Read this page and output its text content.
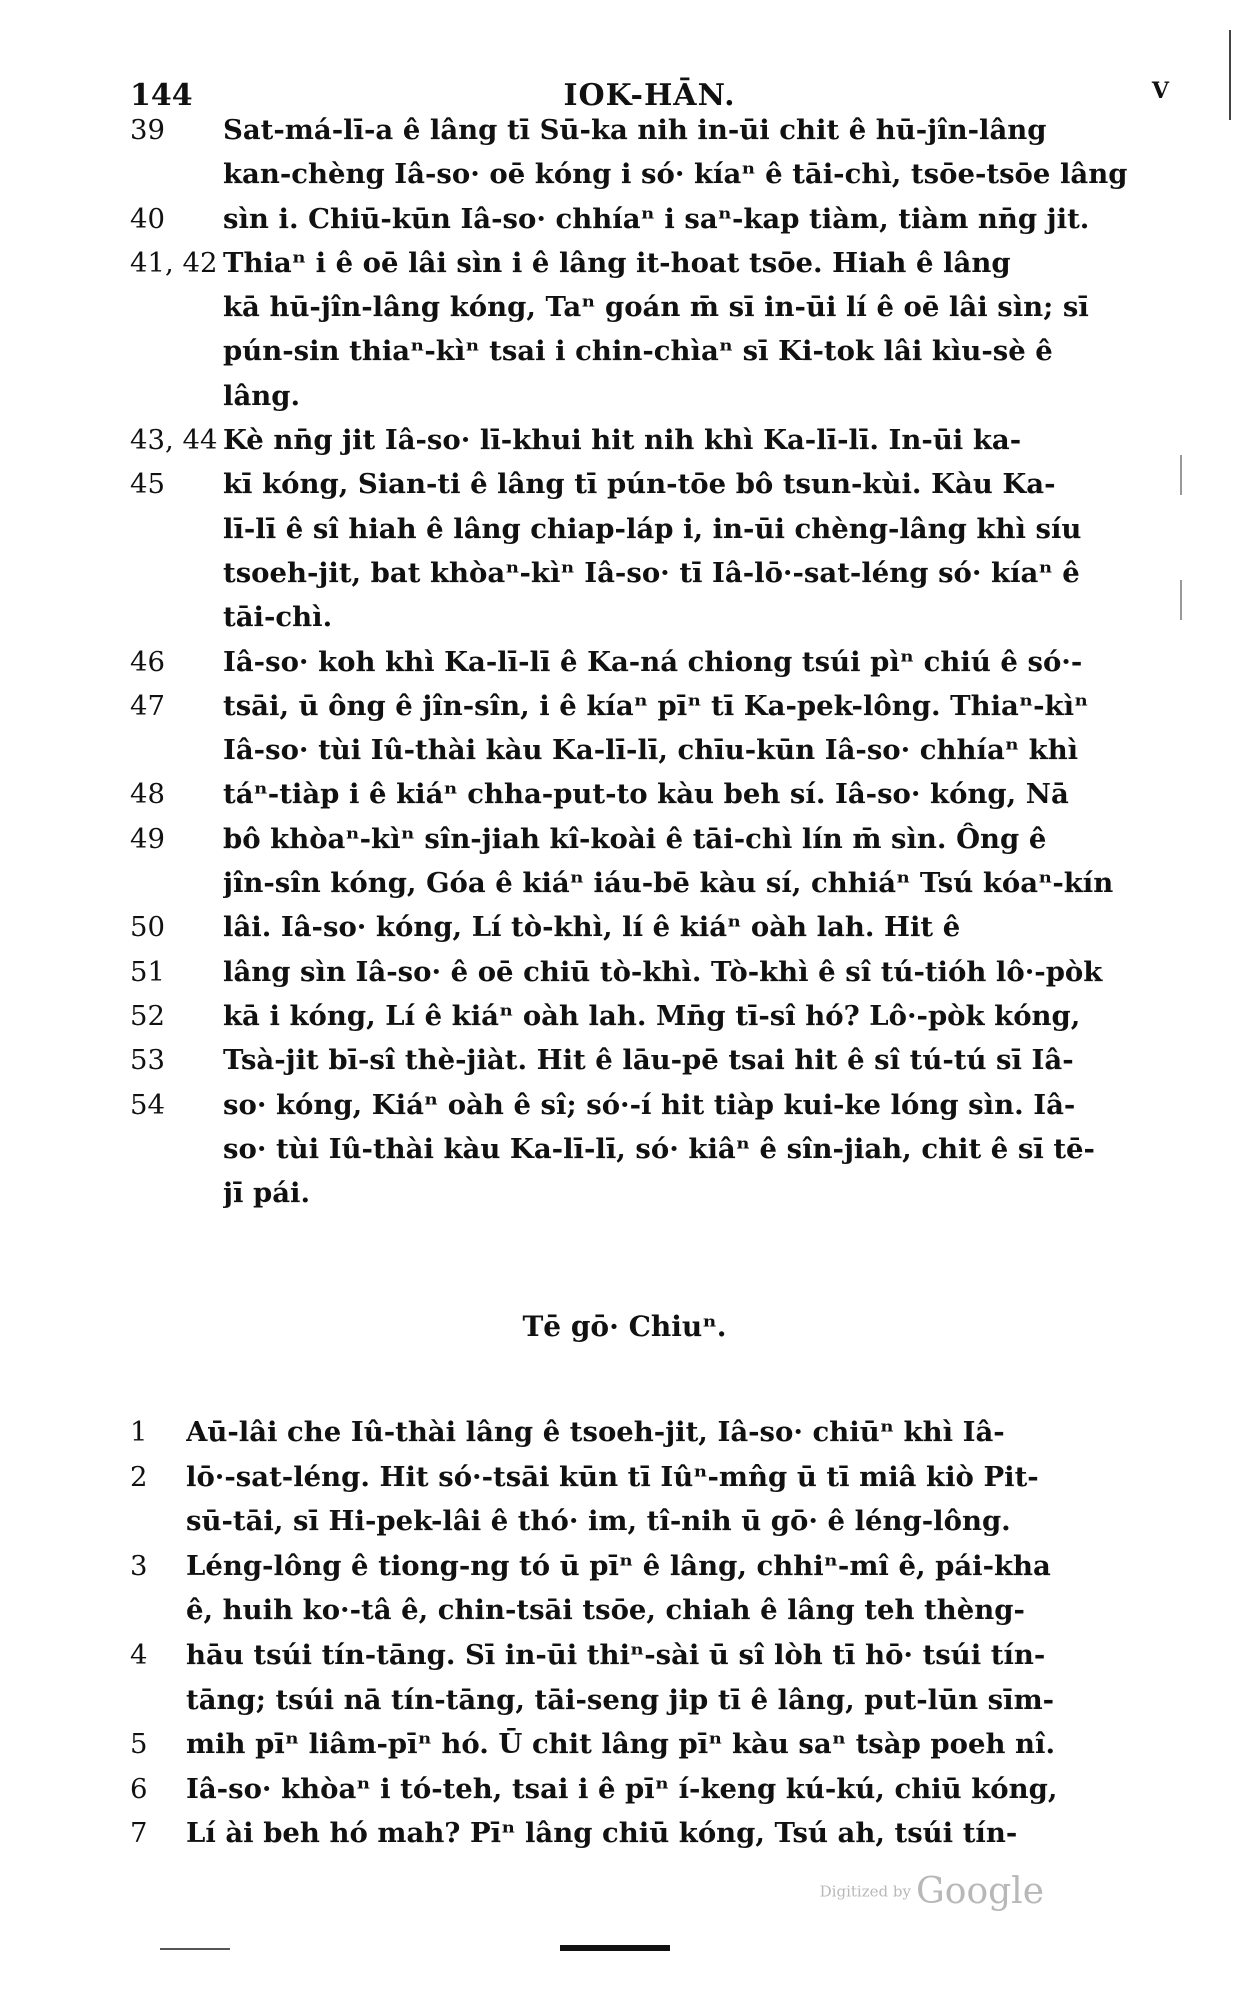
144	IOK-HĀN.	V
39	Sat-má-lī-a ê lâng tī Sū-ka nih in-ūi chit ê hū-jîn-lâng
kan-chèng Iâ-so· oē kóng i só· kíaⁿ ê tāi-chì, tsōe-tsōe lâng
40	sìn i. Chiū-kūn Iâ-so· chhíaⁿ i saⁿ-kap tiàm, tiàm nn̄g jit.
41, 42 Thiaⁿ i ê oē lâi sìn i ê lâng it-hoat tsōe. Hiah ê lâng
kā hū-jîn-lâng kóng, Taⁿ goán m̄ sī in-ūi lí ê oē lâi sìn; sī
pún-sin thiaⁿ-kìⁿ tsai i chin-chìaⁿ sī Ki-tok lâi kìu-sè ê
lâng.
43, 44 Kè nn̄g jit Iâ-so· lī-khui hit nih khì Ka-lī-lī. In-ūi ka-
45	kī kóng, Sian-ti ê lâng tī pún-tōe bô tsun-kùi. Kàu Ka-
lī-lī ê sî hiah ê lâng chiap-láp i, in-ūi chèng-lâng khì síu
tsoeh-jit, bat khòaⁿ-kìⁿ Iâ-so· tī Iâ-lō·-sat-léng só· kíaⁿ ê
tāi-chì.
46	Iâ-so· koh khì Ka-lī-lī ê Ka-ná chiong tsúi pìⁿ chiú ê só·-
47	tsāi, ū ông ê jîn-sîn, i ê kíaⁿ pīⁿ tī Ka-pek-lông. Thiaⁿ-kìⁿ
Iâ-so· tùi Iû-thài kàu Ka-lī-lī, chīu-kūn Iâ-so· chhíaⁿ khì
48	táⁿ-tiàp i ê kiáⁿ chha-put-to kàu beh sí. Iâ-so· kóng, Nā
49	bô khòaⁿ-kìⁿ sîn-jiah kî-koài ê tāi-chì lín m̄ sìn. Ông ê
jîn-sîn kóng, Góa ê kiáⁿ iáu-bē kàu sí, chhiáⁿ Tsú kóaⁿ-kín
50	lâi. Iâ-so· kóng, Lí tò-khì, lí ê kiáⁿ oàh lah. Hit ê
51	lâng sìn Iâ-so· ê oē chiū tò-khì. Tò-khì ê sî tú-tióh lô·-pòk
52	kā i kóng, Lí ê kiáⁿ oàh lah. Mn̄g tī-sî hó? Lô·-pòk kóng,
53	Tsà-jit bī-sî thè-jiàt. Hit ê lāu-pē tsai hit ê sî tú-tú sī Iâ-
54	so· kóng, Kiáⁿ oàh ê sî; só·-í hit tiàp kui-ke lóng sìn. Iâ-
so· tùi Iû-thài kàu Ka-lī-lī, só· kiâⁿ ê sîn-jiah, chit ê sī tē-
jī pái.
Tē gō· Chiuⁿ.
1	Aū-lâi che Iû-thài lâng ê tsoeh-jit, Iâ-so· chiūⁿ khì Iâ-
2	lō·-sat-léng. Hit só·-tsāi kūn tī Iûⁿ-mn̂g ū tī miâ kiò Pit-
sū-tāi, sī Hi-pek-lâi ê thó· im, tî-nih ū gō· ê léng-lông.
3	Léng-lông ê tiong-ng tó ū pīⁿ ê lâng, chhiⁿ-mî ê, pái-kha
ê, huih ko·-tâ ê, chin-tsāi tsōe, chiah ê lâng teh thèng-
4	hāu tsúi tín-tāng. Sī in-ūi thiⁿ-sài ū sî lòh tī hō· tsúi tín-
tāng; tsúi nā tín-tāng, tāi-seng jip tī ê lâng, put-lūn sīm-
5	mih pīⁿ liâm-pīⁿ hó. Ū chit lâng pīⁿ kàu saⁿ tsàp poeh nî.
6	Iâ-so· khòaⁿ i tó-teh, tsai i ê pīⁿ í-keng kú-kú, chiū kóng,
7	Lí ài beh hó mah? Pīⁿ lâng chiū kóng, Tsú ah, tsúi tín-
Digitized by Google
